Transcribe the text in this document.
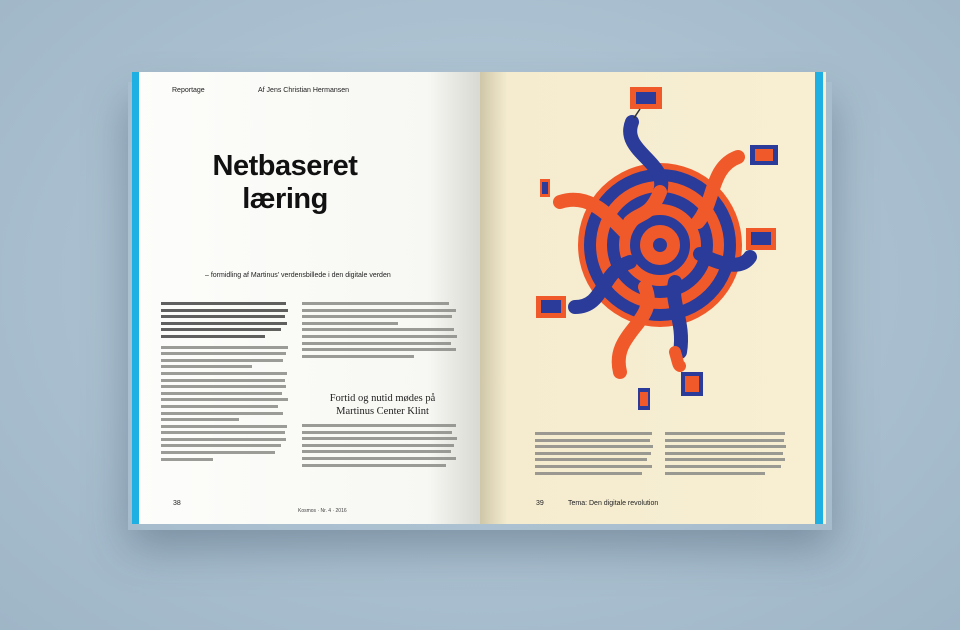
Reportage	Af Jens Christian Hermansen
Netbaseret
læring
– formidling af Martinus’ verdensbillede i den digitale verden
Fortid og nutid mødes på
Martinus Center Klint
38
Kosmos · Nr. 4 · 2016
39	Tema: Den digitale revolution
